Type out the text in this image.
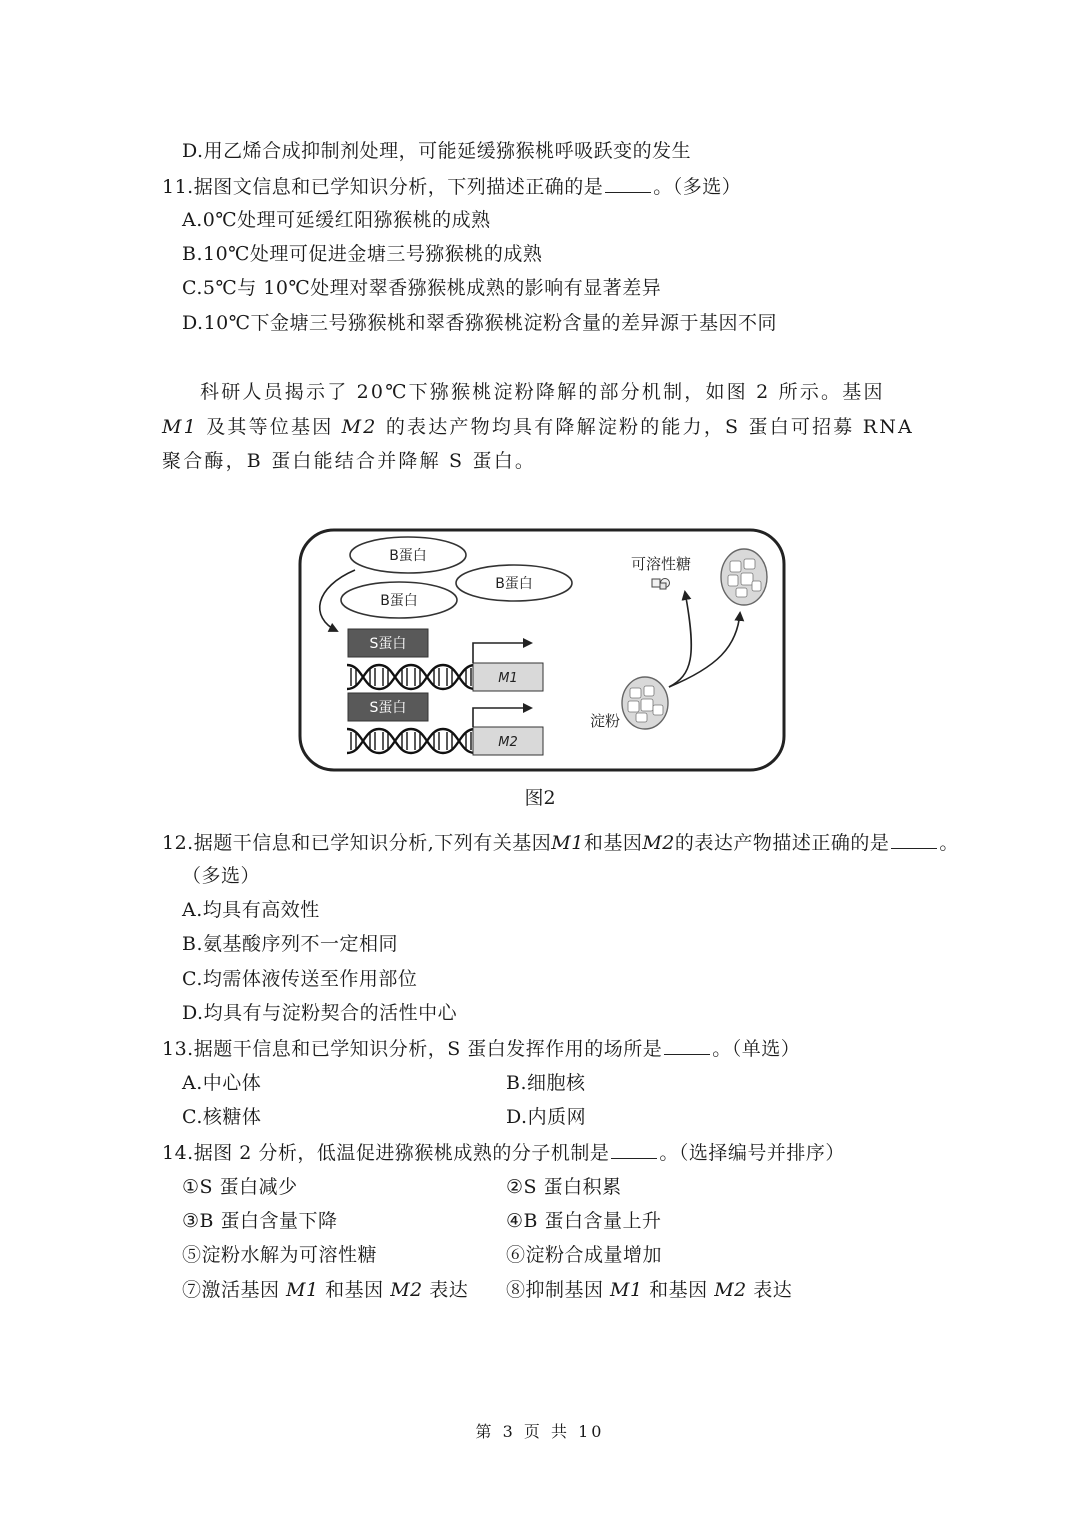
D.用乙烯合成抑制剂处理，可能延缓猕猴桃呼吸跃变的发生
11.据图文信息和已学知识分析，下列描述正确的是	。（多选）
A.0℃处理可延缓红阳猕猴桃的成熟
B.10℃处理可促进金塘三号猕猴桃的成熟
C.5℃与 10℃处理对翠香猕猴桃成熟的影响有显著差异
D.10℃下金塘三号猕猴桃和翠香猕猴桃淀粉含量的差异源于基因不同
科研人员揭示了 20℃下猕猴桃淀粉降解的部分机制，如图 2 所示。基因 M1 及其等位基因 M2 的表达产物均具有降解淀粉的能力，S 蛋白可招募 RNA 聚合酶，B 蛋白能结合并降解 S 蛋白。
B蛋白
B蛋白
B蛋白
S蛋白
M1
S蛋白
M2
可溶性糖
淀粉
图2
12.据题干信息和已学知识分析,下列有关基因M1和基因M2的表达产物描述正确的是	。
（多选）
A.均具有高效性
B.氨基酸序列不一定相同
C.均需体液传送至作用部位
D.均具有与淀粉契合的活性中心
13.据题干信息和已学知识分析，S 蛋白发挥作用的场所是	。（单选）
A.中心体	B.细胞核
C.核糖体	D.内质网
14.据图 2 分析，低温促进猕猴桃成熟的分子机制是	。（选择编号并排序）
①S 蛋白减少	②S 蛋白积累
③B 蛋白含量下降	④B 蛋白含量上升
⑤淀粉水解为可溶性糖	⑥淀粉合成量增加
⑦激活基因 M1 和基因 M2 表达 ⑧抑制基因 M1 和基因 M2 表达
第 3 页 共 10
